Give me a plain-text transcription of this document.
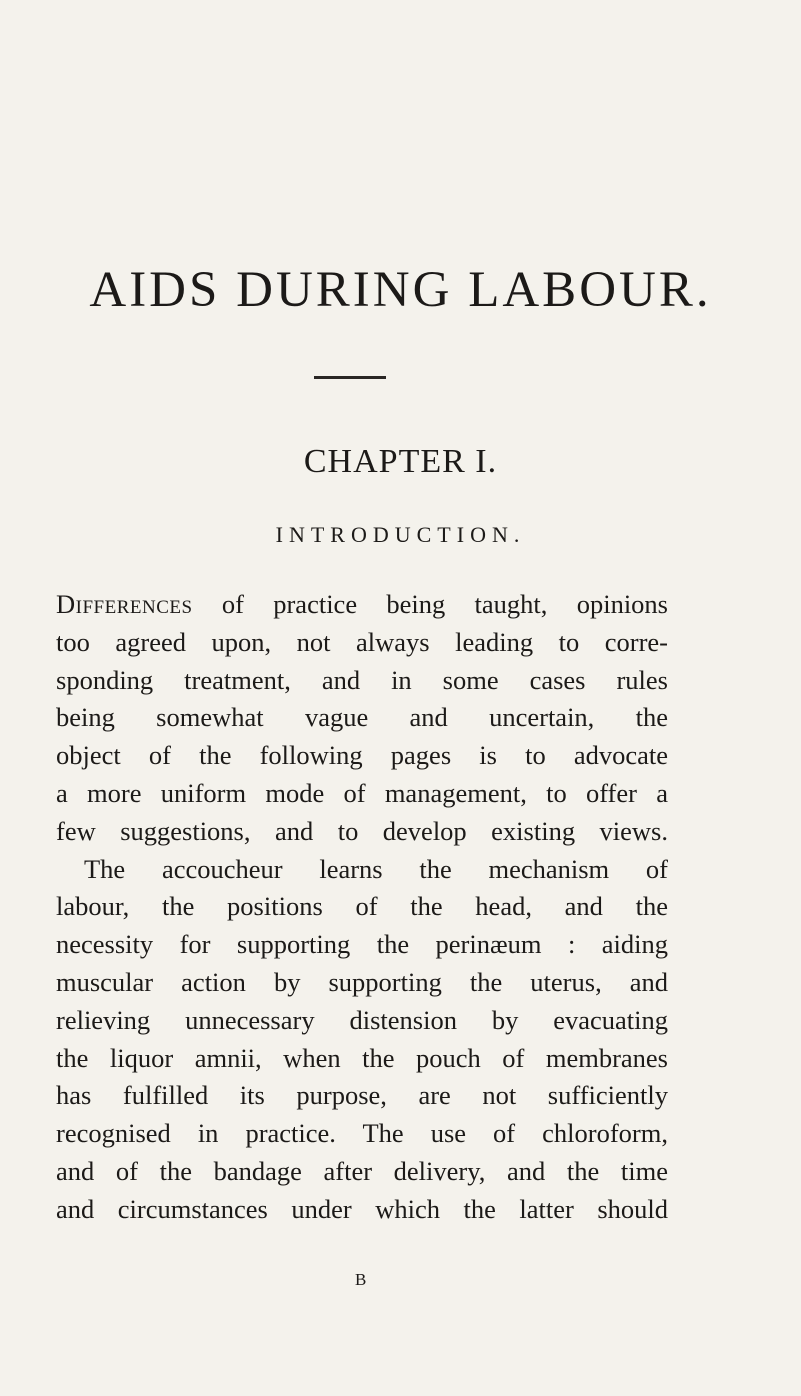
AIDS DURING LABOUR.
CHAPTER I.
INTRODUCTION.
Differences of practice being taught, opinions
too agreed upon, not always leading to corre-
sponding treatment, and in some cases rules
being somewhat vague and uncertain, the
object of the following pages is to advocate
a more uniform mode of management, to offer a
few suggestions, and to develop existing views.
The accoucheur learns the mechanism of
labour, the positions of the head, and the
necessity for supporting the perinæum : aiding
muscular action by supporting the uterus, and
relieving unnecessary distension by evacuating
the liquor amnii, when the pouch of membranes
has fulfilled its purpose, are not sufficiently
recognised in practice. The use of chloroform,
and of the bandage after delivery, and the time
and circumstances under which the latter should
B
